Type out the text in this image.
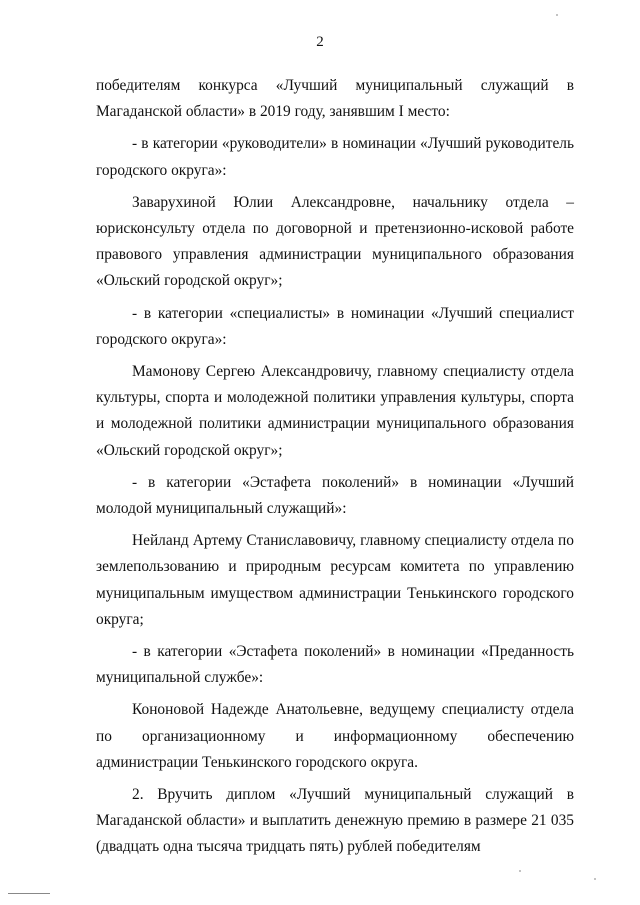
2

победителям конкурса «Лучший муниципальный служащий в Магаданской области» в 2019 году, занявшим I место:

- в категории «руководители» в номинации «Лучший руководитель городского округа»:

Заварухиной Юлии Александровне, начальнику отдела – юрисконсульту отдела по договорной и претензионно-исковой работе правового управления администрации муниципального образования «Ольский городской округ»;

- в категории «специалисты» в номинации «Лучший специалист городского округа»:

Мамонову Сергею Александровичу, главному специалисту отдела культуры, спорта и молодежной политики управления культуры, спорта и молодежной политики администрации муниципального образования «Ольский городской округ»;

- в категории «Эстафета поколений» в номинации «Лучший молодой муниципальный служащий»:

Нейланд Артему Станиславовичу, главному специалисту отдела по землепользованию и природным ресурсам комитета по управлению муниципальным имуществом администрации Тенькинского городского округа;

- в категории «Эстафета поколений» в номинации «Преданность муниципальной службе»:

Кононовой Надежде Анатольевне, ведущему специалисту отдела по организационному и информационному обеспечению администрации Тенькинского городского округа.

2. Вручить диплом «Лучший муниципальный служащий в Магаданской области» и выплатить денежную премию в размере 21 035 (двадцать одна тысяча тридцать пять) рублей победителям
